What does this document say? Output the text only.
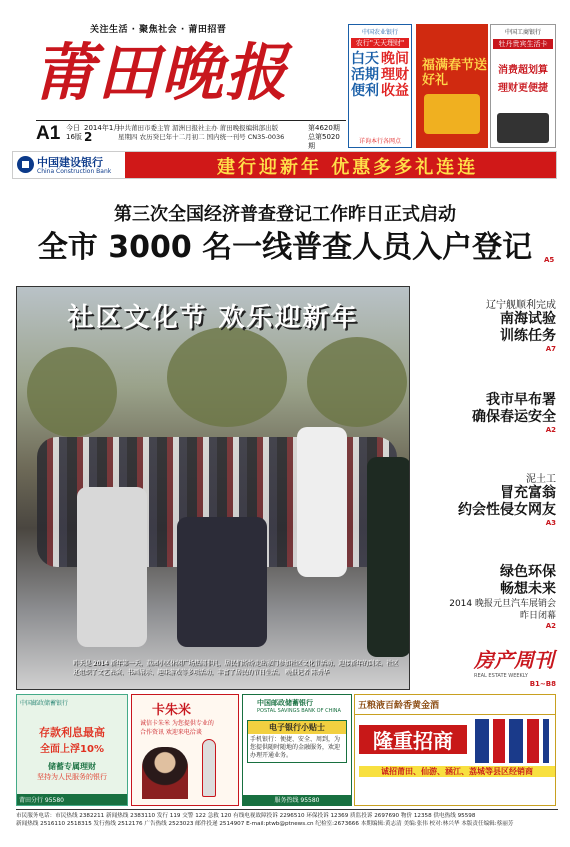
关注生活 · 聚焦社会 · 莆田招晋
莆田晚报
A1 今日
16版
2014年1月
2
中共莆田市委主管 湄洲日报社主办 莆田晚报编辑部出版
星期四 农历癸巳年十二月初二 国内统一刊号 CN35-0036
第4620期
总第5020期
中国农业银行
农行"天天理财"
白天活期便利
晚间理财收益
详询本行各网点
福满春节送好礼
中国工商银行
牡丹贵宾生活卡
消费超划算
理财更便捷
中国建设银行
China Construction Bank	建行迎新年 优惠多多礼连连
第三次全国经济普查登记工作昨日正式启动
全市 3000 名一线普查人员入户登记	A5
社区文化节 欢乐迎新年
昨天是 2014 新年第一天，荔园小区休闲广场热闹非凡，居民们纷纷走出家门参加社区文化节活动，迎接新年的到来。社区还组织了文艺表演、书画展示、趣味游戏等多项活动，丰富了居民的节日生活。 晚报记者 陈秀华
辽宁舰顺利完成
南海试验
训练任务
A7
我市早布署
确保春运安全
A2
泥土工
冒充富翁
约会性侵女网友
A3
绿色环保
畅想未来
2014 晚报元旦汽车展销会
昨日闭幕
A2
房产周刊
REAL ESTATE WEEKLY
B1~B8
中国邮政储蓄银行
存款利息最高
全面上浮10%
储蓄专属理财
坚持为人民服务的银行
莆田分行 95580
卡朱米
诚信卡朱米 为您提供专业的
合作资讯 欢迎来电洽谈
中国邮政储蓄银行
POSTAL SAVINGS BANK OF CHINA
电子银行小贴士
手机银行：便捷、安全、周到，为您提供随时随地的金融服务，欢迎办理开通业务。
服务热线 95580
五粮液百龄香黄金酒
隆重招商
诚招莆田、仙游、涵江、荔城等县区经销商
市民服务电话：市民热线 2382211 新闻热线 2383110 发行 119 交警 122 急救 120 有线电视故障投诉 2296510 环保投诉 12369 质监投诉 2697690 物价 12358 供电热线 95598
新闻热线 2516110 2518315 发行热线 2512176 广告热线 2523023 邮件投递 2514907 E-mail:ptwb@ptnews.cn 纪检室:2673666 本期编辑:黄志清 美编:张伟 校对:林兴华 本版责任编辑:蔡丽芳
